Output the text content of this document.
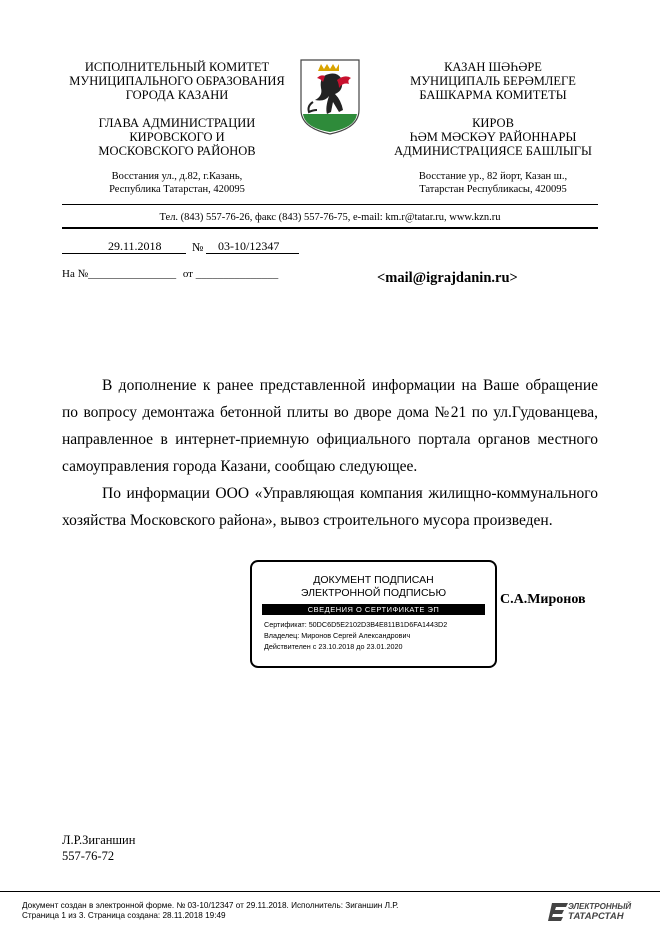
ИСПОЛНИТЕЛЬНЫЙ КОМИТЕТ
МУНИЦИПАЛЬНОГО ОБРАЗОВАНИЯ
ГОРОДА КАЗАНИ
ГЛАВА АДМИНИСТРАЦИИ
КИРОВСКОГО И
МОСКОВСКОГО РАЙОНОВ
Восстания ул., д.82, г.Казань,
Республика Татарстан, 420095
КАЗАН ШӘҺӘРЕ
МУНИЦИПАЛЬ БЕРӘМЛЕГЕ
БАШКАРМА КОМИТЕТЫ
КИРОВ
ҺӘМ МӘСКӘҮ РАЙОННАРЫ
АДМИНИСТРАЦИЯСЕ БАШЛЫГЫ
Восстание ур., 82 йорт, Казан ш.,
Татарстан Республикасы, 420095
Тел. (843) 557-76-26, факс (843) 557-76-75, e-mail: km.r@tatar.ru, www.kzn.ru
29.11.2018	№ 03-10/12347
На №________________ от _______________	<mail@igrajdanin.ru>

В дополнение к ранее представленной информации на Ваше обращение по вопросу демонтажа бетонной плиты во дворе дома №21 по ул.Гудованцева, направленное в интернет-приемную официального портала органов местного самоуправления города Казани, сообщаю следующее.

По информации ООО «Управляющая компания жилищно-коммунального хозяйства Московского района», вывоз строительного мусора произведен.

ДОКУМЕНТ ПОДПИСАН
ЭЛЕКТРОННОЙ ПОДПИСЬЮ
СВЕДЕНИЯ О СЕРТИФИКАТЕ ЭП
Сертификат: 50DC6D5E2102D3B4E811B1D6FA1443D2
Владелец: Миронов Сергей Александрович
Действителен с 23.10.2018 до 23.01.2020
С.А.Миронов
Л.Р.Зиганшин
557-76-72
Документ создан в электронной форме. № 03-10/12347 от 29.11.2018. Исполнитель: Зиганшин Л.Р.
Страница 1 из 3. Страница создана: 28.11.2018 19:49
ЭЛЕКТРОННЫЙ
ТАТАРСТАН
